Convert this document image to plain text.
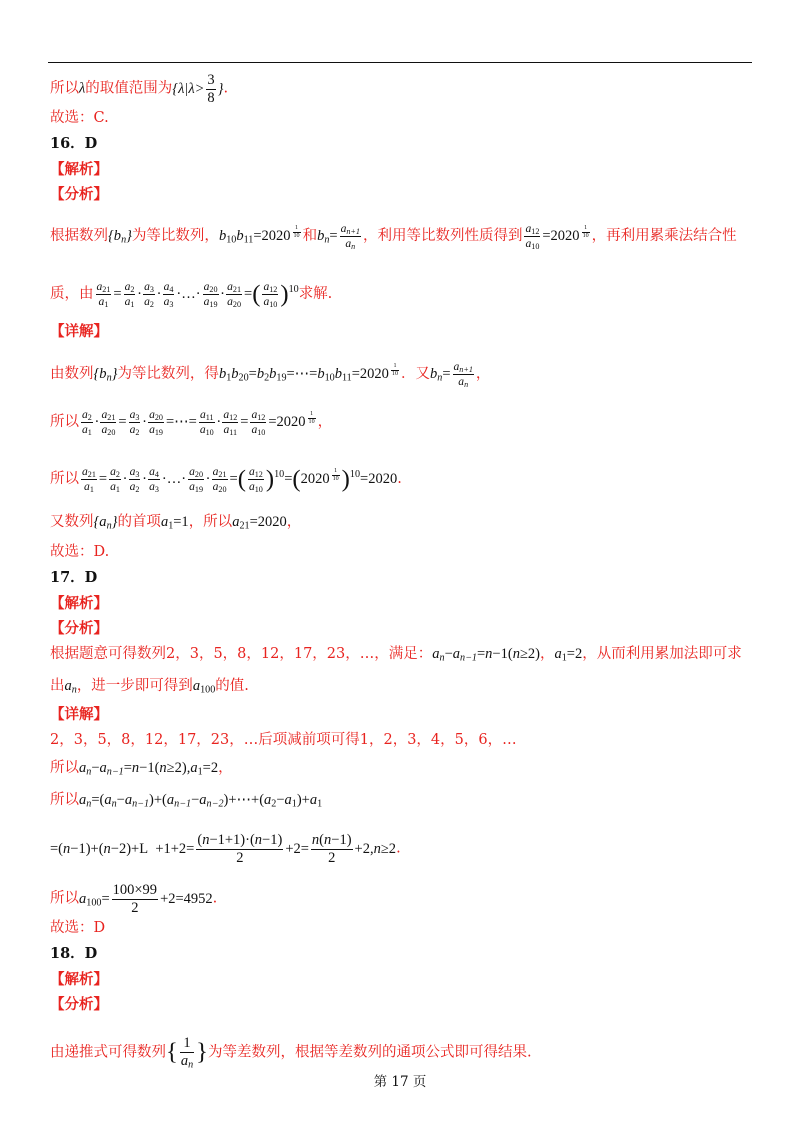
所以λ的取值范围为{$\lambda|\lambda> \frac{3}{8}$ }.
故选：C.
16．D
【解析】
【分析】
根据数列$\{b_n\}$为等比数列，$b_{10}b_{11}=2020$ $^{\frac{1}{10}}$ 和$b_n= \frac{a_{n+1}}{a_n}$ ，利用等比数列性质得到 $\frac{a_{12}}{a_{10}} =2020$ $^{\frac{1}{10}}$ ，再利用累乘法结合性
质，由 $\frac{a_{21}}{a_1} = \frac{a_2}{a_1} \cdot \frac{a_3}{a_2} \cdot \frac{a_4}{a_3}$ ·…· $\frac{a_{20}}{a_{19}} \cdot \frac{a_{21}}{a_{20}}$ =( $\frac{a_{12}}{a_{10}} )^{10}$求解.
【详解】
由数列$\{b_n\}$为等比数列，得$b_1b_{20}=b_2b_{19}=\cdots=b_{10}b_{11}=2020$ $^{\frac{1}{10}}$ ．又$b_n= \frac{a_{n+1}}{a_n}$ ，
所以 $\frac{a_2}{a_1} \cdot \frac{a_{21}}{a_{20}} = \frac{a_3}{a_2} \cdot \frac{a_{20}}{a_{19}}$ =⋯= $\frac{a_{11}}{a_{10}} \cdot \frac{a_{12}}{a_{11}} = \frac{a_{12}}{a_{10}} =2020$ $^{\frac{1}{10}}$ ，
所以 $\frac{a_{21}}{a_1} = \frac{a_2}{a_1} \cdot \frac{a_3}{a_2} \cdot \frac{a_4}{a_3}$ ·…· $\frac{a_{20}}{a_{19}} \cdot \frac{a_{21}}{a_{20}}$ =( $\frac{a_{12}}{a_{10}} )^{10}=(2020$ $^{\frac{1}{10}}$ )$^{10}$=2020.
又数列$\{a_n\}$的首项$a_1=1$，所以$a_{21}=2020$，
故选：D.
17．D
【解析】
【分析】
根据题意可得数列2，3，5，8，12，17，23，…，满足：$a_n-a_{n-1}=n-1(n\ge 2)$，$a_1=2$，从而利用累加法即可求
出$a_n$，进一步即可得到$a_{100}$的值.
【详解】
2，3，5，8，12，17，23，…后项减前项可得1，2，3，4，5，6，…
所以$a_n-a_{n-1}=n-1(n\ge 2),a_1=2$，
所以$a_n=(a_n-a_{n-1})+(a_{n-1}-a_{n-2})+\cdots+(a_2-a_1)+a_1$
$=(n-1)+(n-2)+L +1+2= \frac{(n-1+1)\cdot(n-1)}{2} +2= \frac{n(n-1)}{2} +2,n\ge 2$.
所以$a_{100}= \frac{100\times 99}{2} +2=4952$.
故选：D
18．D
【解析】
【分析】
由递推式可得数列{ $\frac{1}{a_n}$ }为等差数列，根据等差数列的通项公式即可得结果.
第 17 页
